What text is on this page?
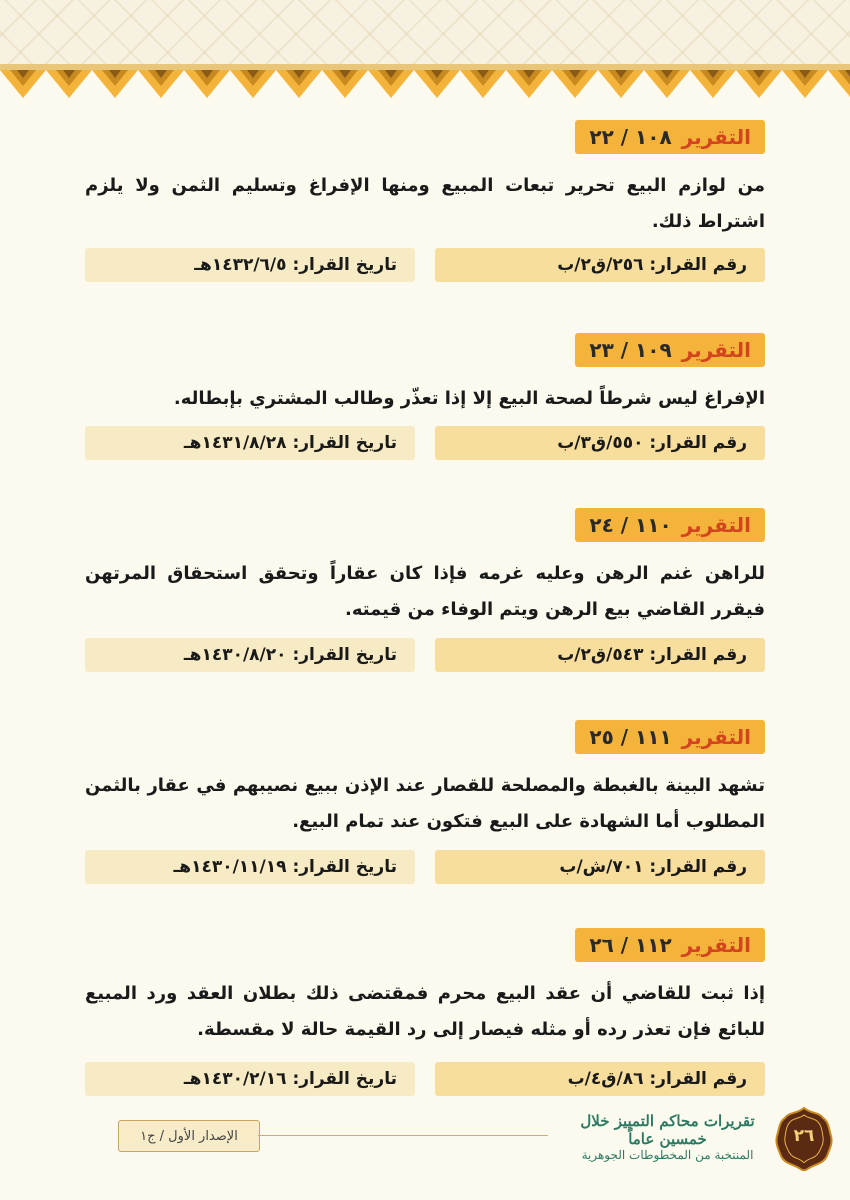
التقرير
١٠٨ / ٢٢
من لوازم البيع تحرير تبعات المبيع ومنها الإفراغ وتسليم الثمن ولا يلزم اشتراط ذلك.
رقم القرار: ٢٥٦/ق٢/ب
تاريخ القرار: ١٤٣٢/٦/٥هـ
التقرير
١٠٩ / ٢٣
الإفراغ ليس شرطاً لصحة البيع إلا إذا تعذّر وطالب المشتري بإبطاله.
رقم القرار: ٥٥٠/ق٣/ب
تاريخ القرار: ١٤٣١/٨/٢٨هـ
التقرير
١١٠ / ٢٤
للراهن غنم الرهن وعليه غرمه فإذا كان عقاراً وتحقق استحقاق المرتهن فيقرر القاضي بيع الرهن ويتم الوفاء من قيمته.
رقم القرار: ٥٤٣/ق٢/ب
تاريخ القرار: ١٤٣٠/٨/٢٠هـ
التقرير
١١١ / ٢٥
تشهد البينة بالغبطة والمصلحة للقصار عند الإذن ببيع نصيبهم في عقار بالثمن المطلوب أما الشهادة على البيع فتكون عند تمام البيع.
رقم القرار: ٧٠١/ش/ب
تاريخ القرار: ١٤٣٠/١١/١٩هـ
التقرير
١١٢ / ٢٦
إذا ثبت للقاضي أن عقد البيع محرم فمقتضى ذلك بطلان العقد ورد المبيع للبائع فإن تعذر رده أو مثله فيصار إلى رد القيمة حالة لا مقسطة.
رقم القرار: ٨٦/ق٤/ب
تاريخ القرار: ١٤٣٠/٢/١٦هـ
الإصدار الأول / ج١
تقريرات محاكم التمييز خلال خمسين عاماً
المنتخبة من المخطوطات الجوهرية
٢٦
